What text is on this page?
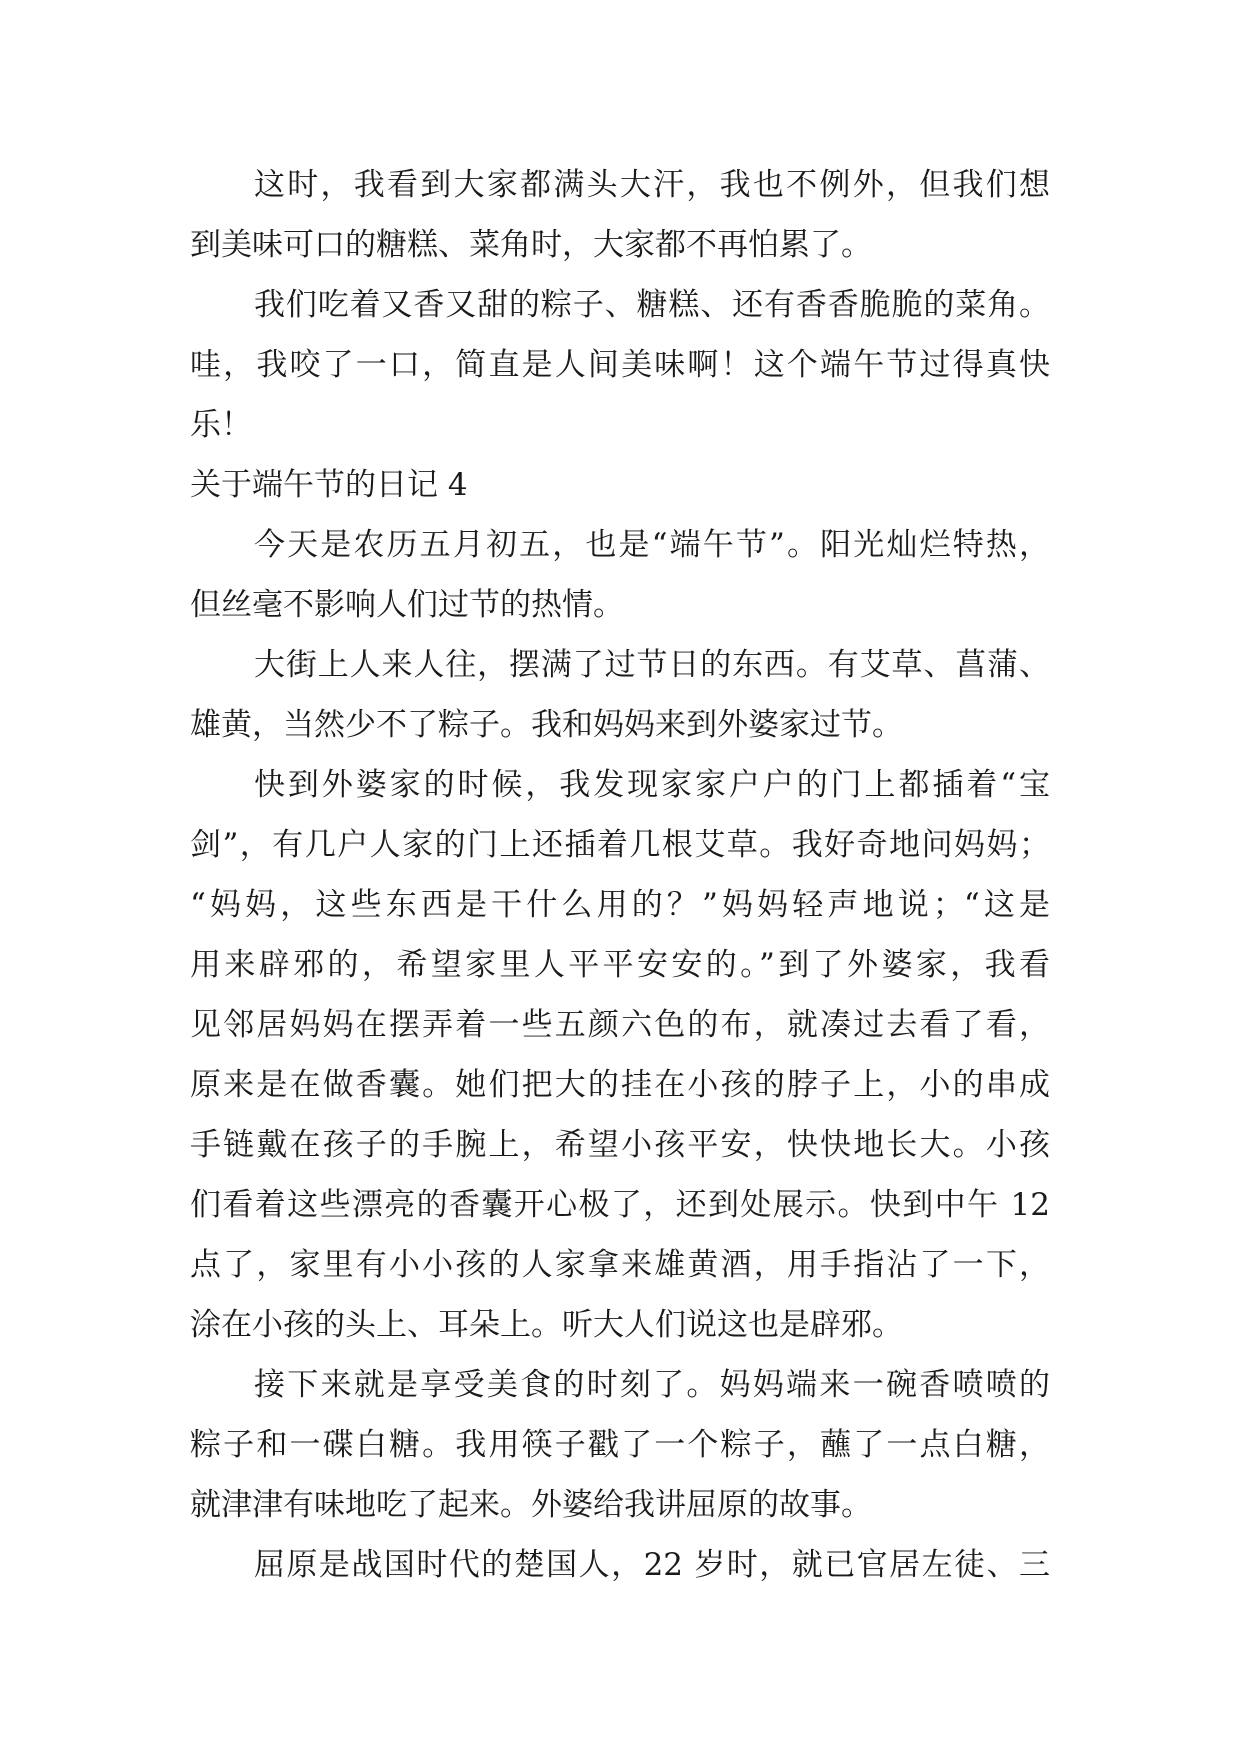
这时，我看到大家都满头大汗，我也不例外，但我们想
到美味可口的糖糕、菜角时，大家都不再怕累了。
我们吃着又香又甜的粽子、糖糕、还有香香脆脆的菜角。
哇，我咬了一口，简直是人间美味啊！这个端午节过得真快
乐！
关于端午节的日记 4
今天是农历五月初五，也是“端午节”。阳光灿烂特热，
但丝毫不影响人们过节的热情。
大街上人来人往，摆满了过节日的东西。有艾草、菖蒲、
雄黄，当然少不了粽子。我和妈妈来到外婆家过节。
快到外婆家的时候，我发现家家户户的门上都插着“宝
剑”，有几户人家的门上还插着几根艾草。我好奇地问妈妈；
“妈妈，这些东西是干什么用的？”妈妈轻声地说；“这是
用来辟邪的，希望家里人平平安安的。”到了外婆家，我看
见邻居妈妈在摆弄着一些五颜六色的布，就凑过去看了看，
原来是在做香囊。她们把大的挂在小孩的脖子上，小的串成
手链戴在孩子的手腕上，希望小孩平安，快快地长大。小孩
们看着这些漂亮的香囊开心极了，还到处展示。快到中午 12
点了，家里有小小孩的人家拿来雄黄酒，用手指沾了一下，
涂在小孩的头上、耳朵上。听大人们说这也是辟邪。
接下来就是享受美食的时刻了。妈妈端来一碗香喷喷的
粽子和一碟白糖。我用筷子戳了一个粽子，蘸了一点白糖，
就津津有味地吃了起来。外婆给我讲屈原的故事。
屈原是战国时代的楚国人，22 岁时，就已官居左徒、三
